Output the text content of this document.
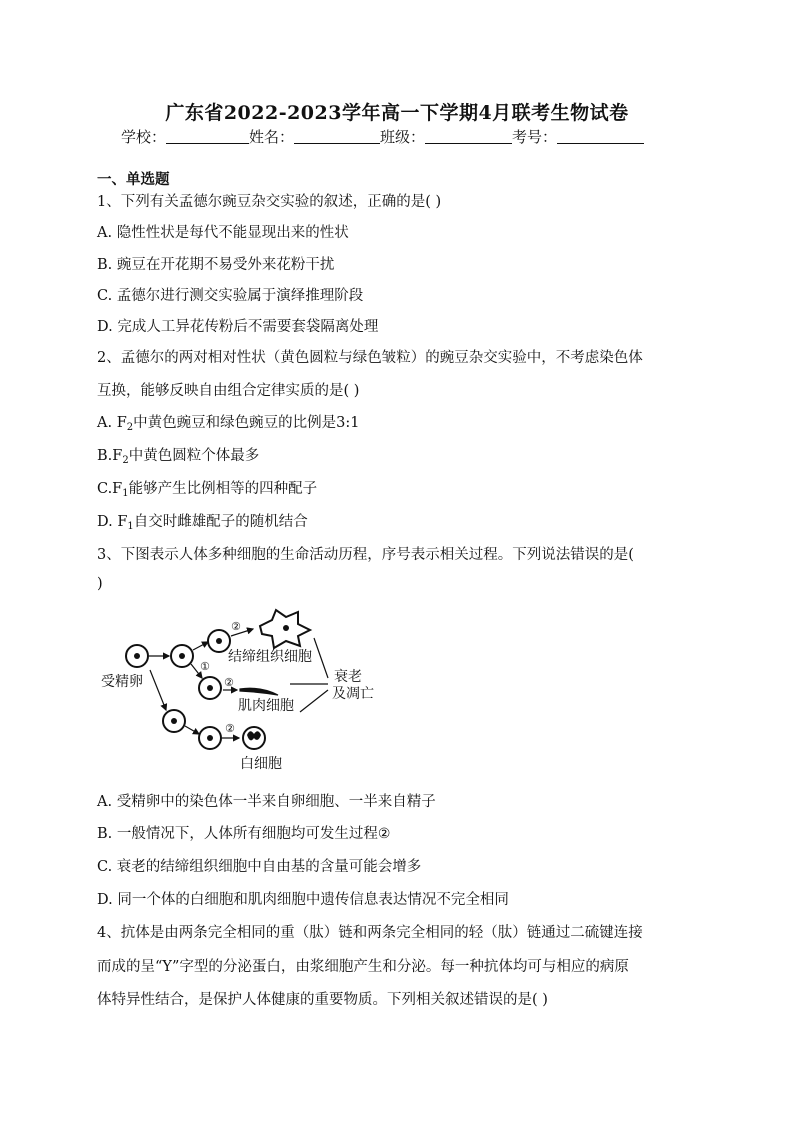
广东省2022-2023学年高一下学期4月联考生物试卷
学校：	姓名：	班级：	考号：
一、单选题
1、下列有关孟德尔豌豆杂交实验的叙述，正确的是( )
A. 隐性性状是每代不能显现出来的性状
B. 豌豆在开花期不易受外来花粉干扰
C. 孟德尔进行测交实验属于演绎推理阶段
D. 完成人工异花传粉后不需要套袋隔离处理
2、孟德尔的两对相对性状（黄色圆粒与绿色皱粒）的豌豆杂交实验中，不考虑染色体
互换，能够反映自由组合定律实质的是( )
A. $F_2$中黄色豌豆和绿色豌豆的比例是3:1
$B.F_2$中黄色圆粒个体最多
$C.F_1$能够产生比例相等的四种配子
D. $F_1$自交时雌雄配子的随机结合
3、下图表示人体多种细胞的生命活动历程，序号表示相关过程。下列说法错误的是(
)
受精卵
①
②
结缔组织细胞
②
肌肉细胞
衰老
及凋亡
②
白细胞
A. 受精卵中的染色体一半来自卵细胞、一半来自精子
B. 一般情况下，人体所有细胞均可发生过程②
C. 衰老的结缔组织细胞中自由基的含量可能会增多
D. 同一个体的白细胞和肌肉细胞中遗传信息表达情况不完全相同
4、抗体是由两条完全相同的重（肽）链和两条完全相同的轻（肽）链通过二硫键连接
而成的呈“Y”字型的分泌蛋白，由浆细胞产生和分泌。每一种抗体均可与相应的病原
体特异性结合，是保护人体健康的重要物质。下列相关叙述错误的是( )
